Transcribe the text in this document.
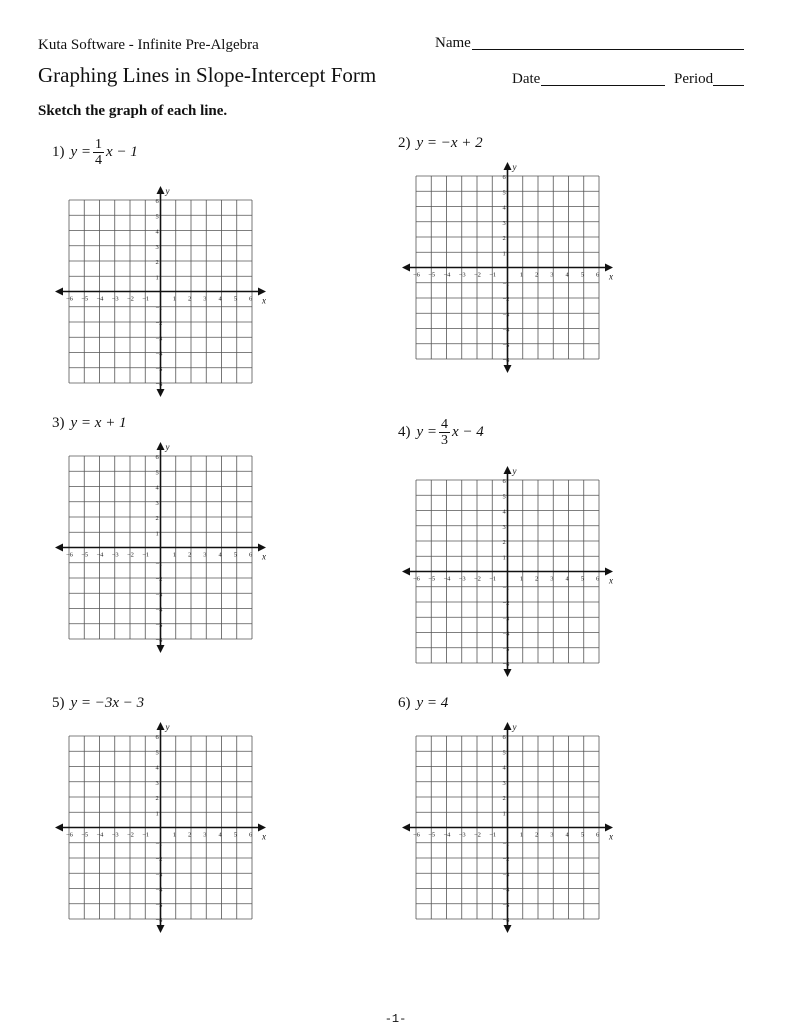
Kuta Software - Infinite Pre-Algebra	Name
Graphing Lines in Slope-Intercept Form	Date	Period
Sketch the graph of each line.
1) $y = \frac{1}{4}$ x − 1
x
y
−6 −5 −4 −3 −2 −1	1 2 3 4 5 6
6
5
4
3
2
1
−1
−2
−3
−4
−5
−6
2) y =
−x + 2
x
y
−6 −5 −4 −3 −2 −1	1 2 3 4 5 6
6
5
4
3
2
1
−1
−2
−3
−4
−5
−6
3) y =
x + 1
x
y
−6 −5 −4 −3 −2 −1	1 2 3 4 5 6
6
5
4
3
2
1
−1
−2
−3
−4
−5
−6
4) $y = \frac{4}{3}$ x − 4
x
y
−6 −5 −4 −3 −2 −1	1 2 3 4 5 6
6
5
4
3
2
1
−1
−2
−3
−4
−5
−6
5) y =
−3x − 3
x
y
−6 −5 −4 −3 −2 −1	1 2 3 4 5 6
6
5
4
3
2
1
−1
−2
−3
−4
−5
−6
6) y =
4
x
y
−6 −5 −4 −3 −2 −1	1 2 3 4 5 6
6
5
4
3
2
1
−1
−2
−3
−4
−5
−6
-1-
